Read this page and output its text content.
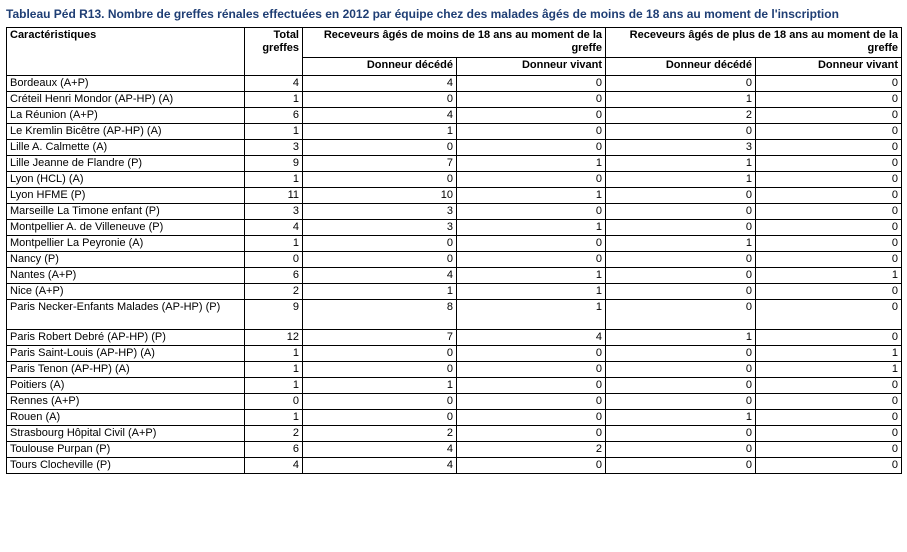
Tableau Péd R13. Nombre de greffes rénales effectuées en 2012 par équipe chez des malades âgés de moins de 18 ans au moment de l'inscription
Caractéristiques	Total greffes	Receveurs âgés de moins de 18 ans au moment de la greffe		Receveurs âgés de plus de 18 ans au moment de la greffe	
		Donneur décédé	Donneur vivant	Donneur décédé	Donneur vivant
Bordeaux (A+P)	4	4	0	0	0
Créteil Henri Mondor (AP-HP) (A)	1	0	0	1	0
La Réunion (A+P)	6	4	0	2	0
Le Kremlin Bicêtre (AP-HP) (A)	1	1	0	0	0
Lille A. Calmette (A)	3	0	0	3	0
Lille Jeanne de Flandre (P)	9	7	1	1	0
Lyon (HCL) (A)	1	0	0	1	0
Lyon HFME (P)	11	10	1	0	0
Marseille La Timone enfant (P)	3	3	0	0	0
Montpellier A. de Villeneuve (P)	4	3	1	0	0
Montpellier La Peyronie (A)	1	0	0	1	0
Nancy (P)	0	0	0	0	0
Nantes (A+P)	6	4	1	0	1
Nice (A+P)	2	1	1	0	0
Paris Necker-Enfants Malades (AP-HP) (P)	9	8	1	0	0
Paris Robert Debré (AP-HP) (P)	12	7	4	1	0
Paris Saint-Louis (AP-HP) (A)	1	0	0	0	1
Paris Tenon (AP-HP) (A)	1	0	0	0	1
Poitiers (A)	1	1	0	0	0
Rennes (A+P)	0	0	0	0	0
Rouen (A)	1	0	0	1	0
Strasbourg Hôpital Civil (A+P)	2	2	0	0	0
Toulouse Purpan (P)	6	4	2	0	0
Tours Clocheville (P)	4	4	0	0	0
